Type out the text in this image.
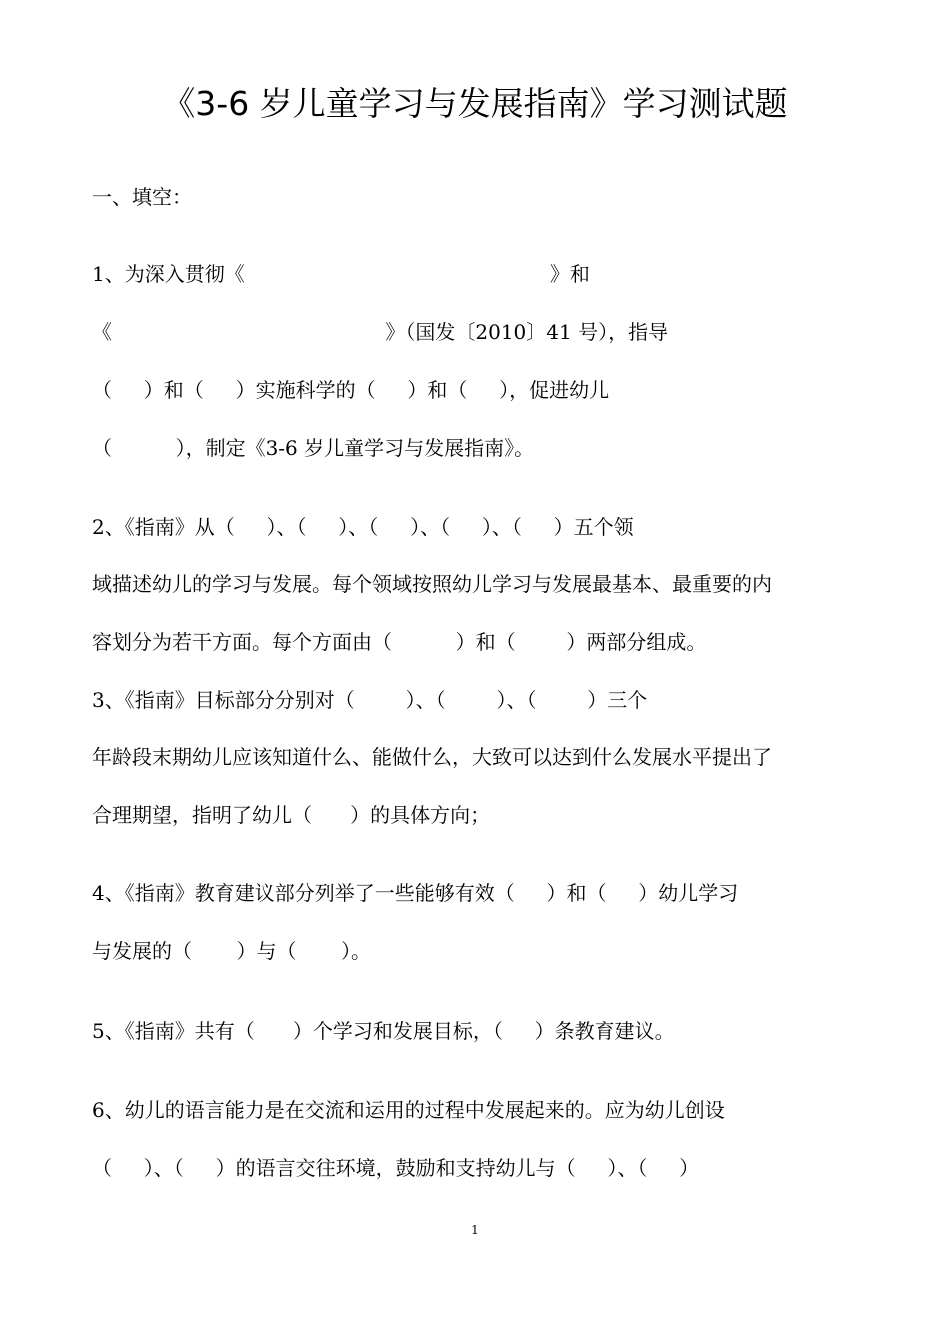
《3-6 岁儿童学习与发展指南》学习测试题
一、填空：
1、为深入贯彻《                                                》和
《                                           》（国发〔2010〕41 号），指导
（     ）和（     ）实施科学的（     ）和（     ），促进幼儿
（          ），制定《3-6 岁儿童学习与发展指南》。
2、《指南》从（     ）、（     ）、（     ）、（     ）、（     ）五个领
域描述幼儿的学习与发展。每个领域按照幼儿学习与发展最基本、最重要的内
容划分为若干方面。每个方面由（          ）和（        ）两部分组成。
3、《指南》目标部分分别对（        ）、（        ）、（        ）三个
年龄段末期幼儿应该知道什么、能做什么，大致可以达到什么发展水平提出了
合理期望，指明了幼儿（      ）的具体方向；
4、《指南》教育建议部分列举了一些能够有效（     ）和（     ）幼儿学习
与发展的（       ）与（       ）。
5、《指南》共有（      ）个学习和发展目标，（     ）条教育建议。
6、幼儿的语言能力是在交流和运用的过程中发展起来的。应为幼儿创设
（     ）、（     ）的语言交往环境，鼓励和支持幼儿与（     ）、（     ）
1
